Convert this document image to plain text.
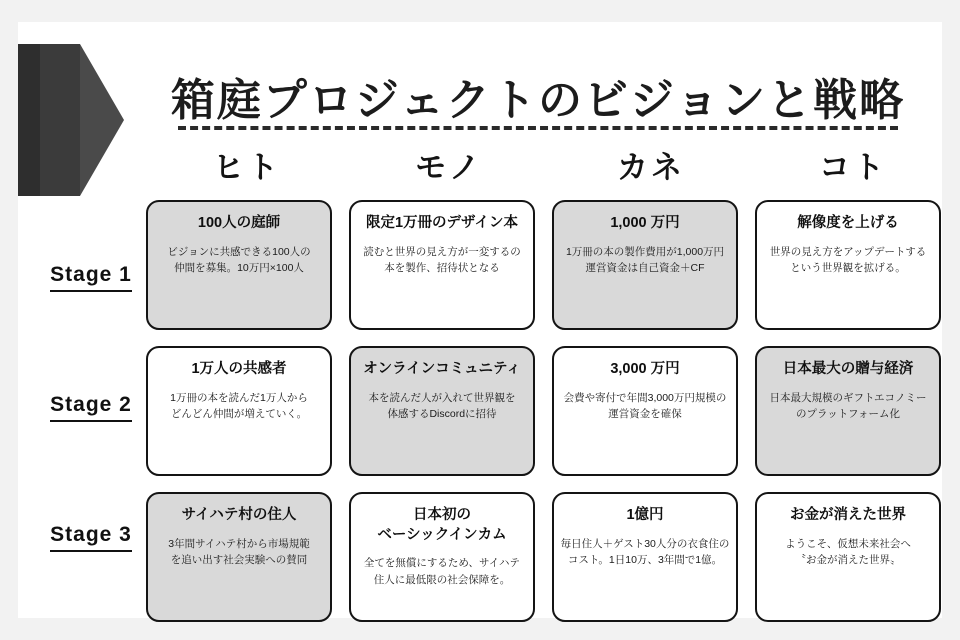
箱庭プロジェクトのビジョンと戦略
ヒト	モノ	カネ	コト
Stage 1
Stage 2
Stage 3
100人の庭師
ビジョンに共感できる100人の
仲間を募集。10万円×100人
限定1万冊のデザイン本
読むと世界の見え方が一変するの
本を製作、招待状となる
1,000 万円
1万冊の本の製作費用が1,000万円
運営資金は自己資金＋CF
解像度を上げる
世界の見え方をアップデートする
という世界観を拡げる。
1万人の共感者
1万冊の本を読んだ1万人から
どんどん仲間が増えていく。
オンラインコミュニティ
本を読んだ人が入れて世界観を
体感するDiscordに招待
3,000 万円
会費や寄付で年間3,000万円規模の
運営資金を確保
日本最大の贈与経済
日本最大規模のギフトエコノミー
のプラットフォーム化
サイハテ村の住人
3年間サイハテ村から市場規範
を追い出す社会実験への賛同
日本初の
ベーシックインカム
全てを無償にするため、サイハテ
住人に最低限の社会保障を。
1億円
毎日住人＋ゲスト30人分の衣食住の
コスト。1日10万、3年間で1億。
お金が消えた世界
ようこそ、仮想未来社会へ
〝お金が消えた世界〟
